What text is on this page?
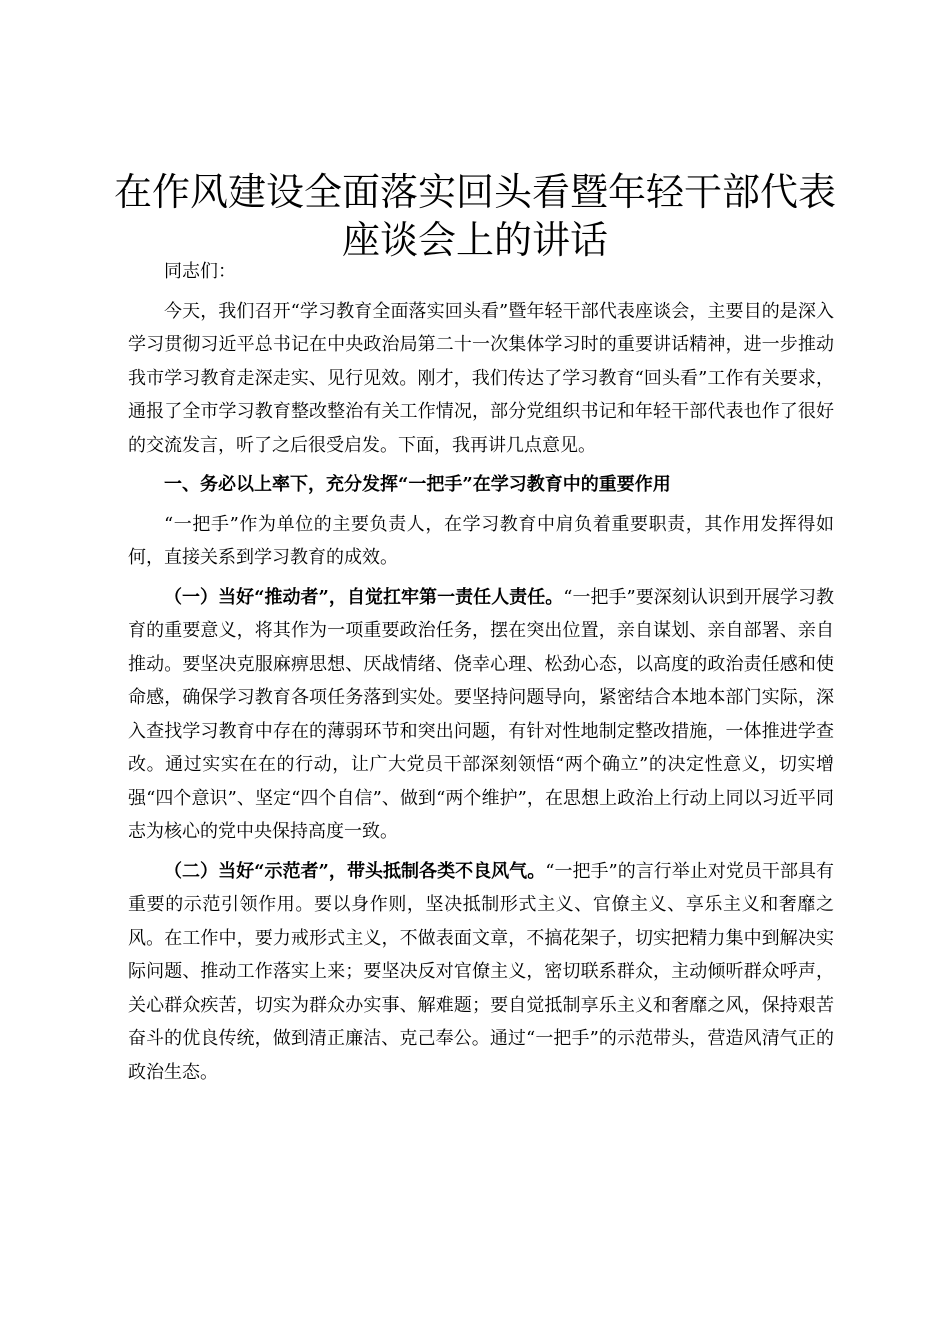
在作风建设全面落实回头看暨年轻干部代表座谈会上的讲话

同志们：

今天，我们召开“学习教育全面落实回头看”暨年轻干部代表座谈会，主要目的是深入学习贯彻习近平总书记在中央政治局第二十一次集体学习时的重要讲话精神，进一步推动我市学习教育走深走实、见行见效。刚才，我们传达了学习教育“回头看”工作有关要求，通报了全市学习教育整改整治有关工作情况，部分党组织书记和年轻干部代表也作了很好的交流发言，听了之后很受启发。下面，我再讲几点意见。

一、务必以上率下，充分发挥“一把手”在学习教育中的重要作用

“一把手”作为单位的主要负责人，在学习教育中肩负着重要职责，其作用发挥得如何，直接关系到学习教育的成效。

（一）当好“推动者”，自觉扛牢第一责任人责任。“一把手”要深刻认识到开展学习教育的重要意义，将其作为一项重要政治任务，摆在突出位置，亲自谋划、亲自部署、亲自推动。要坚决克服麻痹思想、厌战情绪、侥幸心理、松劲心态，以高度的政治责任感和使命感，确保学习教育各项任务落到实处。要坚持问题导向，紧密结合本地本部门实际，深入查找学习教育中存在的薄弱环节和突出问题，有针对性地制定整改措施，一体推进学查改。通过实实在在的行动，让广大党员干部深刻领悟“两个确立”的决定性意义，切实增强“四个意识”、坚定“四个自信”、做到“两个维护”，在思想上政治上行动上同以习近平同志为核心的党中央保持高度一致。

（二）当好“示范者”，带头抵制各类不良风气。“一把手”的言行举止对党员干部具有重要的示范引领作用。要以身作则，坚决抵制形式主义、官僚主义、享乐主义和奢靡之风。在工作中，要力戒形式主义，不做表面文章，不搞花架子，切实把精力集中到解决实际问题、推动工作落实上来；要坚决反对官僚主义，密切联系群众，主动倾听群众呼声，关心群众疾苦，切实为群众办实事、解难题；要自觉抵制享乐主义和奢靡之风，保持艰苦奋斗的优良传统，做到清正廉洁、克己奉公。通过“一把手”的示范带头，营造风清气正的政治生态。
